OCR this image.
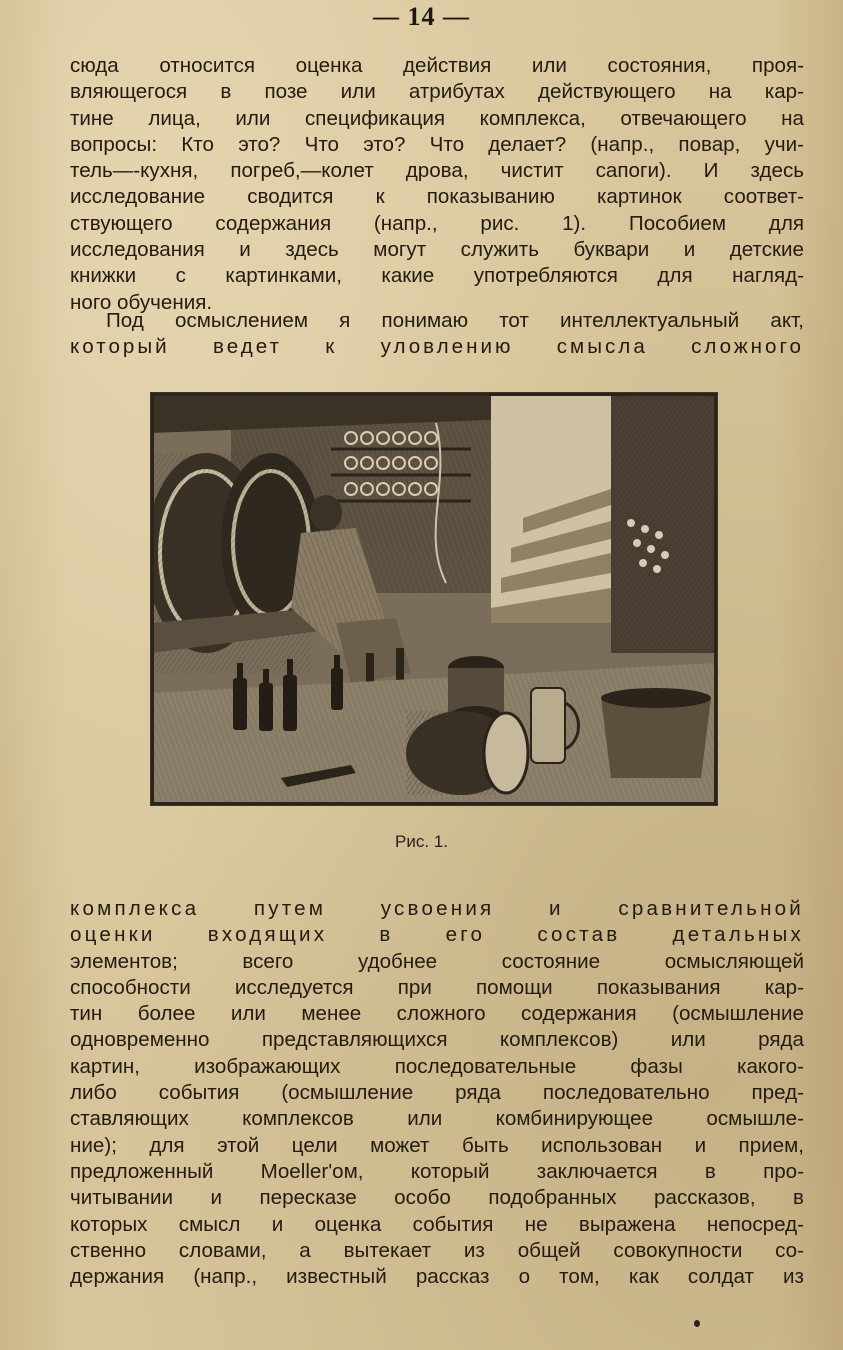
— 14 —
сюда относится оценка действия или состояния, проя-
вляющегося в позе или атрибутах действующего на кар-
тине лица, или спецификация комплекса, отвечающего на
вопросы: Кто это? Что это? Что делает? (напр., повар, учи-
тель—-кухня, погреб,—колет дрова, чистит сапоги). И здесь
исследование сводится к показыванию картинок соответ-
ствующего содержания (напр., рис. 1). Пособием для
исследования и здесь могут служить буквари и детские
книжки с картинками, какие употребляются для нагляд-
ного обучения.
Под осмыслением я понимаю тот интеллектуальный акт,
который ведет к уловлению смысла сложного
Рис. 1.
комплекса путем усвоения и сравнительной
оценки входящих в его состав детальных
элементов; всего удобнее состояние осмысляющей
способности исследуется при помощи показывания кар-
тин более или менее сложного содержания (осмышление
одновременно представляющихся комплексов) или ряда
картин, изображающих последовательные фазы какого-
либо события (осмышление ряда последовательно пред-
ставляющих комплексов или комбинирующее осмышле-
ние); для этой цели может быть использован и прием,
предложенный Moeller'ом, который заключается в про-
читывании и пересказе особо подобранных рассказов, в
которых смысл и оценка события не выражена непосред-
ственно словами, а вытекает из общей совокупности со-
держания (напр., известный рассказ о том, как солдат из
